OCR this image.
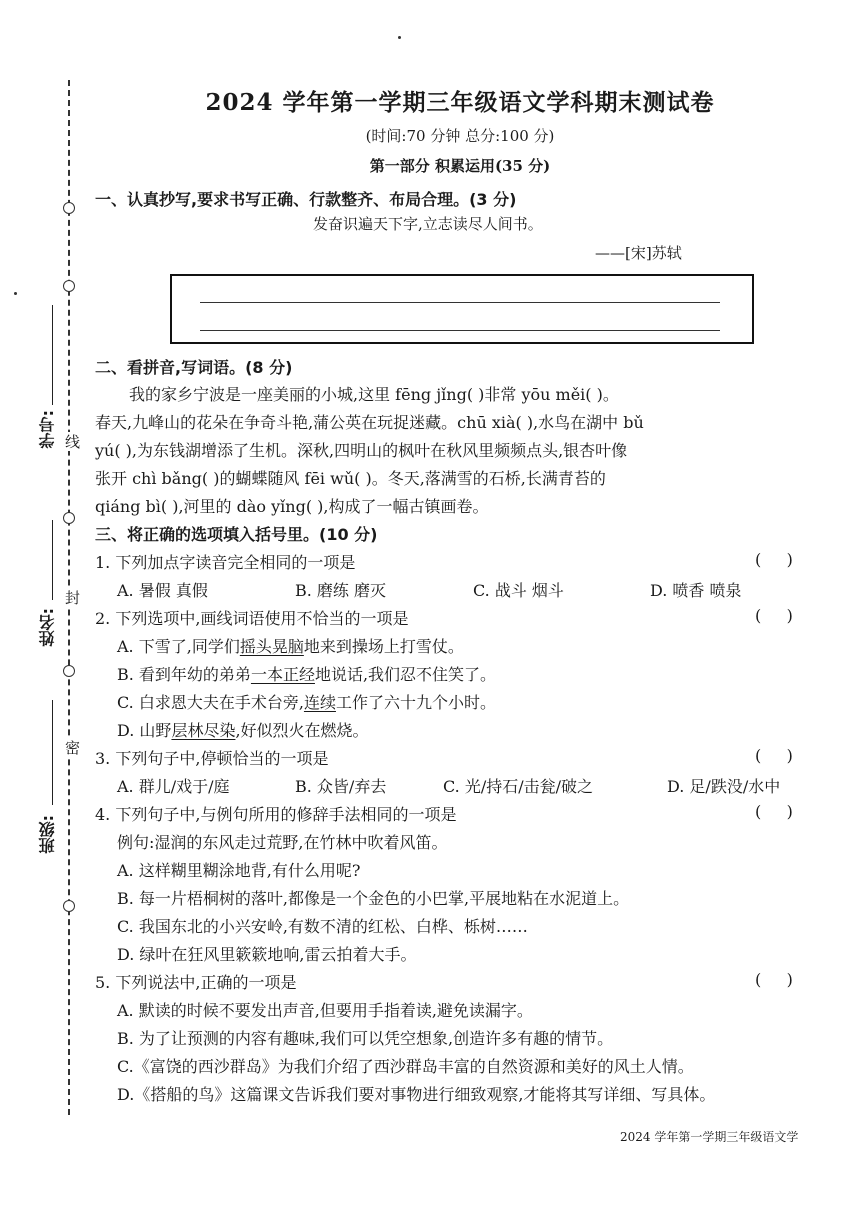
线
封
密
学号:
姓名:
班级:
2024 学年第一学期三年级语文学科期末测试卷
(时间:70 分钟 总分:100 分)
第一部分 积累运用(35 分)
一、认真抄写,要求书写正确、行款整齐、布局合理。(3 分)
发奋识遍天下字,立志读尽人间书。
——[宋]苏轼
二、看拼音,写词语。(8 分)
我的家乡宁波是一座美丽的小城,这里 fēng jǐng( )非常 yōu měi( )。
春天,九峰山的花朵在争奇斗艳,蒲公英在玩捉迷藏。chū xià( ),水鸟在湖中 bǔ
yú( ),为东钱湖增添了生机。深秋,四明山的枫叶在秋风里频频点头,银杏叶像
张开 chì bǎng( )的蝴蝶随风 fēi wǔ( )。冬天,落满雪的石桥,长满青苔的
qiáng bì( ),河里的 dào yǐng( ),构成了一幅古镇画卷。
三、将正确的选项填入括号里。(10 分)
1. 下列加点字读音完全相同的一项是	(     )
A. 暑假 真假	B. 磨练 磨灭	C. 战斗 烟斗	D. 喷香 喷泉
2. 下列选项中,画线词语使用不恰当的一项是	(     )
A. 下雪了,同学们摇头晃脑地来到操场上打雪仗。
B. 看到年幼的弟弟一本正经地说话,我们忍不住笑了。
C. 白求恩大夫在手术台旁,连续工作了六十九个小时。
D. 山野层林尽染,好似烈火在燃烧。
3. 下列句子中,停顿恰当的一项是	(     )
A. 群儿/戏于/庭	B. 众皆/弃去	C. 光/持石/击瓮/破之	D. 足/跌没/水中
4. 下列句子中,与例句所用的修辞手法相同的一项是	(     )
例句:湿润的东风走过荒野,在竹林中吹着风笛。
A. 这样糊里糊涂地背,有什么用呢?
B. 每一片梧桐树的落叶,都像是一个金色的小巴掌,平展地粘在水泥道上。
C. 我国东北的小兴安岭,有数不清的红松、白桦、栎树……
D. 绿叶在狂风里簌簌地响,雷云拍着大手。
5. 下列说法中,正确的一项是	(     )
A. 默读的时候不要发出声音,但要用手指着读,避免读漏字。
B. 为了让预测的内容有趣味,我们可以凭空想象,创造许多有趣的情节。
C.《富饶的西沙群岛》为我们介绍了西沙群岛丰富的自然资源和美好的风土人情。
D.《搭船的鸟》这篇课文告诉我们要对事物进行细致观察,才能将其写详细、写具体。
2024 学年第一学期三年级语文学
